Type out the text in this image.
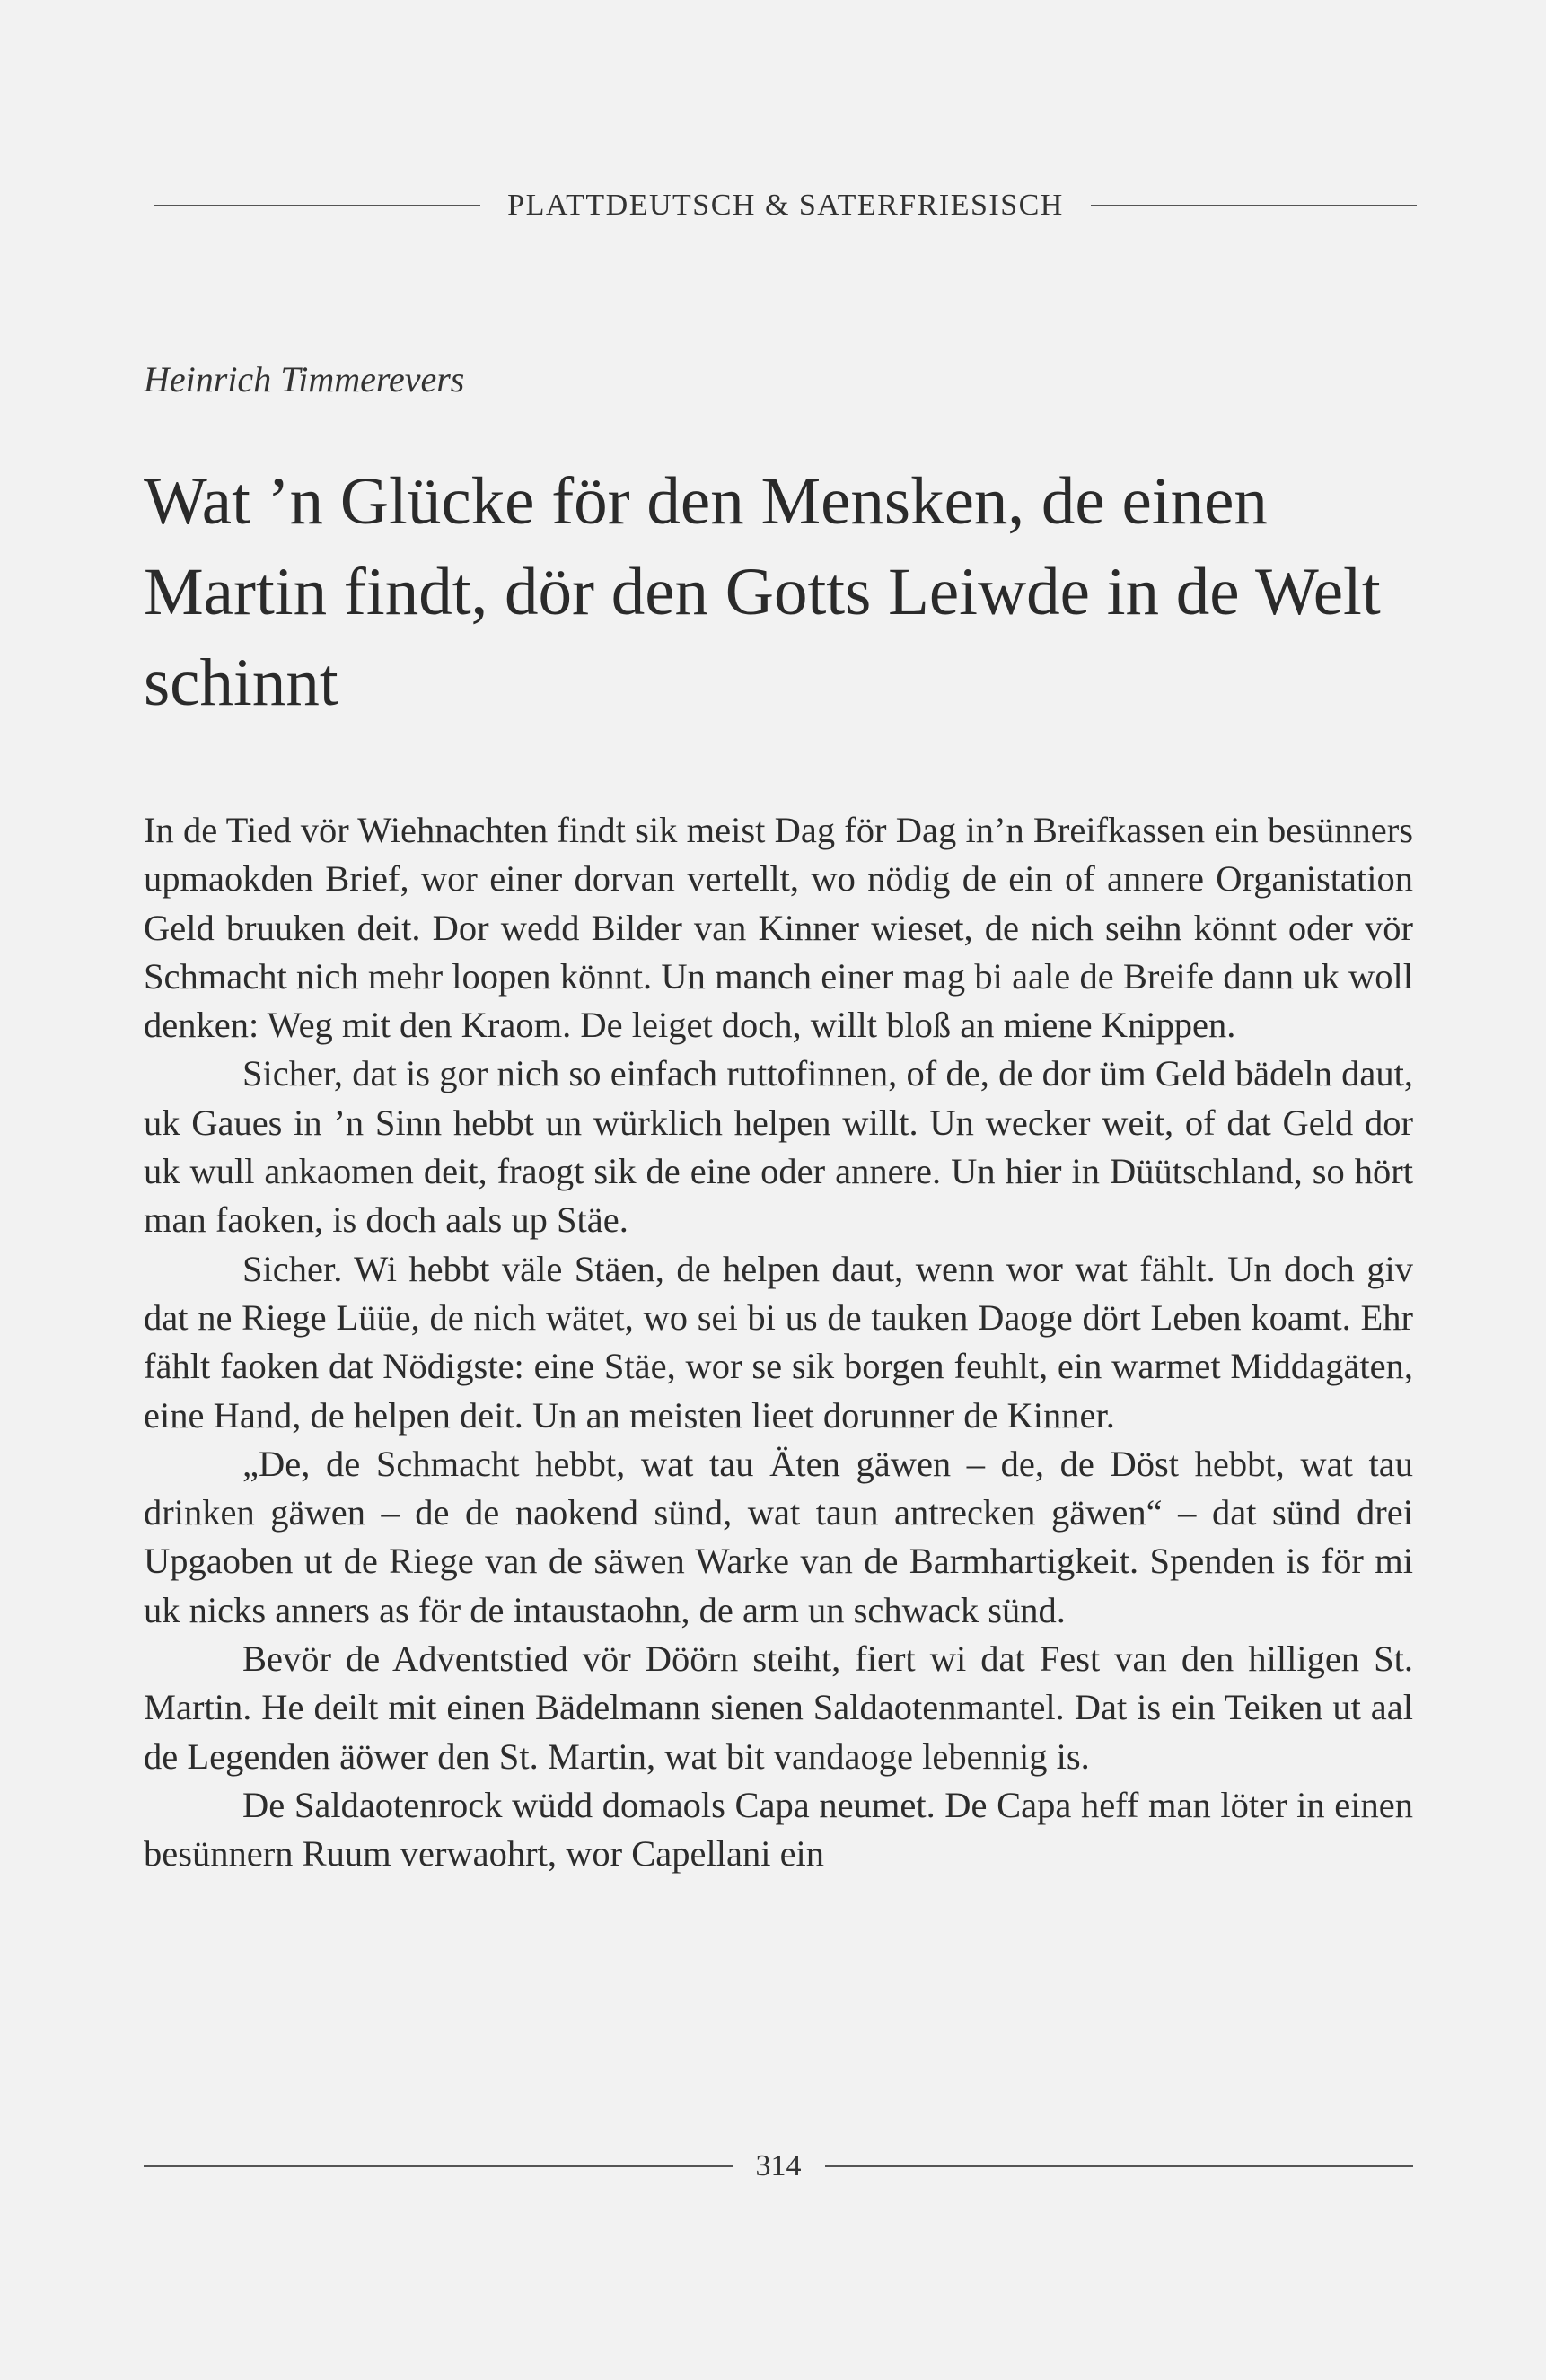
PLATTDEUTSCH & SATERFRIESISCH

Heinrich Timmerevers

Wat ’n Glücke för den Mensken, de einen Martin findt, dör den Gotts Leiwde in de Welt schinnt

In de Tied vör Wiehnachten findt sik meist Dag för Dag in’n Breifkassen ein besünners upmaokden Brief, wor einer dorvan vertellt, wo nödig de ein of annere Organistation Geld bruuken deit. Dor wedd Bilder van Kinner wieset, de nich seihn könnt oder vör Schmacht nich mehr loopen könnt. Un manch einer mag bi aale de Breife dann uk woll denken: Weg mit den Kraom. De leiget doch, willt bloß an miene Knippen.

Sicher, dat is gor nich so einfach ruttofinnen, of de, de dor üm Geld bädeln daut, uk Gaues in ’n Sinn hebbt un würklich helpen willt. Un wecker weit, of dat Geld dor uk wull ankaomen deit, fraogt sik de eine oder annere. Un hier in Düütschland, so hört man faoken, is doch aals up Stäe.

Sicher. Wi hebbt väle Stäen, de helpen daut, wenn wor wat fählt. Un doch giv dat ne Riege Lüüe, de nich wätet, wo sei bi us de tauken Daoge dört Leben koamt. Ehr fählt faoken dat Nödigste: eine Stäe, wor se sik borgen feuhlt, ein warmet Middagäten, eine Hand, de helpen deit. Un an meisten lieet dorunner de Kinner.

„De, de Schmacht hebbt, wat tau Äten gäwen – de, de Döst hebbt, wat tau drinken gäwen – de de naokend sünd, wat taun antrecken gäwen“ – dat sünd drei Upgaoben ut de Riege van de säwen Warke van de Barmhartigkeit. Spenden is för mi uk nicks anners as för de intaustaohn, de arm un schwack sünd.

Bevör de Adventstied vör Döörn steiht, fiert wi dat Fest van den hilligen St. Martin. He deilt mit einen Bädelmann sienen Saldaotenmantel. Dat is ein Teiken ut aal de Legenden äöwer den St. Martin, wat bit vandaoge lebennig is.

De Saldaotenrock wüdd domaols Capa neumet. De Capa heff man löter in einen besünnern Ruum verwaohrt, wor Capellani ein

314
